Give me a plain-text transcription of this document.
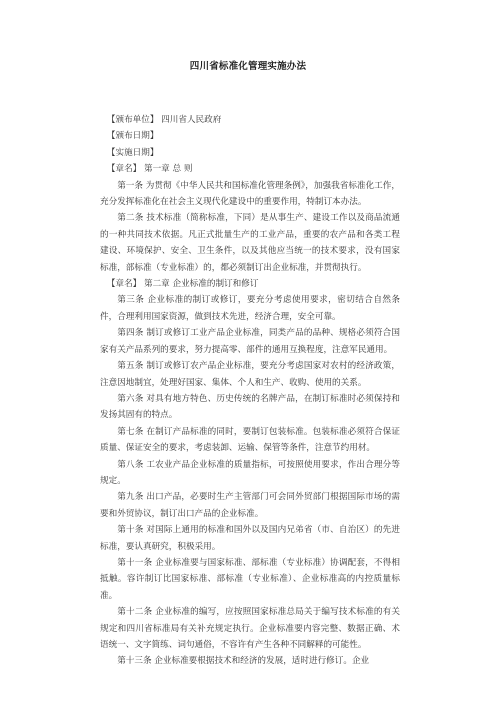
四川省标准化管理实施办法

【颁布单位】 四川省人民政府

【颁布日期】

【实施日期】

【章名】 第一章 总 则

第一条 为贯彻《中华人民共和国标准化管理条例》，加强我省标准化工作，充分发挥标准化在社会主义现代化建设中的重要作用，特制订本办法。

第二条 技术标准（简称标准，下同）是从事生产、建设工作以及商品流通的一种共同技术依据。凡正式批量生产的工业产品，重要的农产品和各类工程建设、环境保护、安全、卫生条件，以及其他应当统一的技术要求，没有国家标准，部标准（专业标准）的，都必须制订出企业标准，并贯彻执行。

【章名】 第二章 企业标准的制订和修订

第三条 企业标准的制订或修订，要充分考虑使用要求，密切结合自然条件，合理利用国家资源，做到技术先进，经济合理，安全可靠。

第四条 制订或修订工业产品企业标准，同类产品的品种、规格必须符合国家有关产品系列的要求，努力提高零、部件的通用互换程度，注意军民通用。

第五条 制订或修订农产品企业标准，要充分考虑国家对农村的经济政策，注意因地制宜，处理好国家、集体、个人和生产、收购、使用的关系。

第六条 对具有地方特色、历史传统的名牌产品，在制订标准时必须保持和发扬其固有的特点。

第七条 在制订产品标准的同时，要制订包装标准。包装标准必须符合保证质量、保证安全的要求，考虑装卸、运输、保管等条件，注意节约用材。

第八条 工农业产品企业标准的质量指标，可按照使用要求，作出合理分等规定。

第九条 出口产品，必要时生产主管部门可会同外贸部门根据国际市场的需要和外贸协议，制订出口产品的企业标准。

第十条 对国际上通用的标准和国外以及国内兄弟省（市、自治区）的先进标准，要认真研究，积极采用。

第十一条 企业标准要与国家标准、部标准（专业标准）协调配套，不得相抵触。容许制订比国家标准、部标准（专业标准）、企业标准高的内控质量标准。

第十二条 企业标准的编写，应按照国家标准总局关于编写技术标准的有关规定和四川省标准局有关补充规定执行。企业标准要内容完整、数据正确、术语统一、文字简练、词句通俗，不容许有产生各种不同解释的可能性。

第十三条 企业标准要根据技术和经济的发展，适时进行修订。企业
